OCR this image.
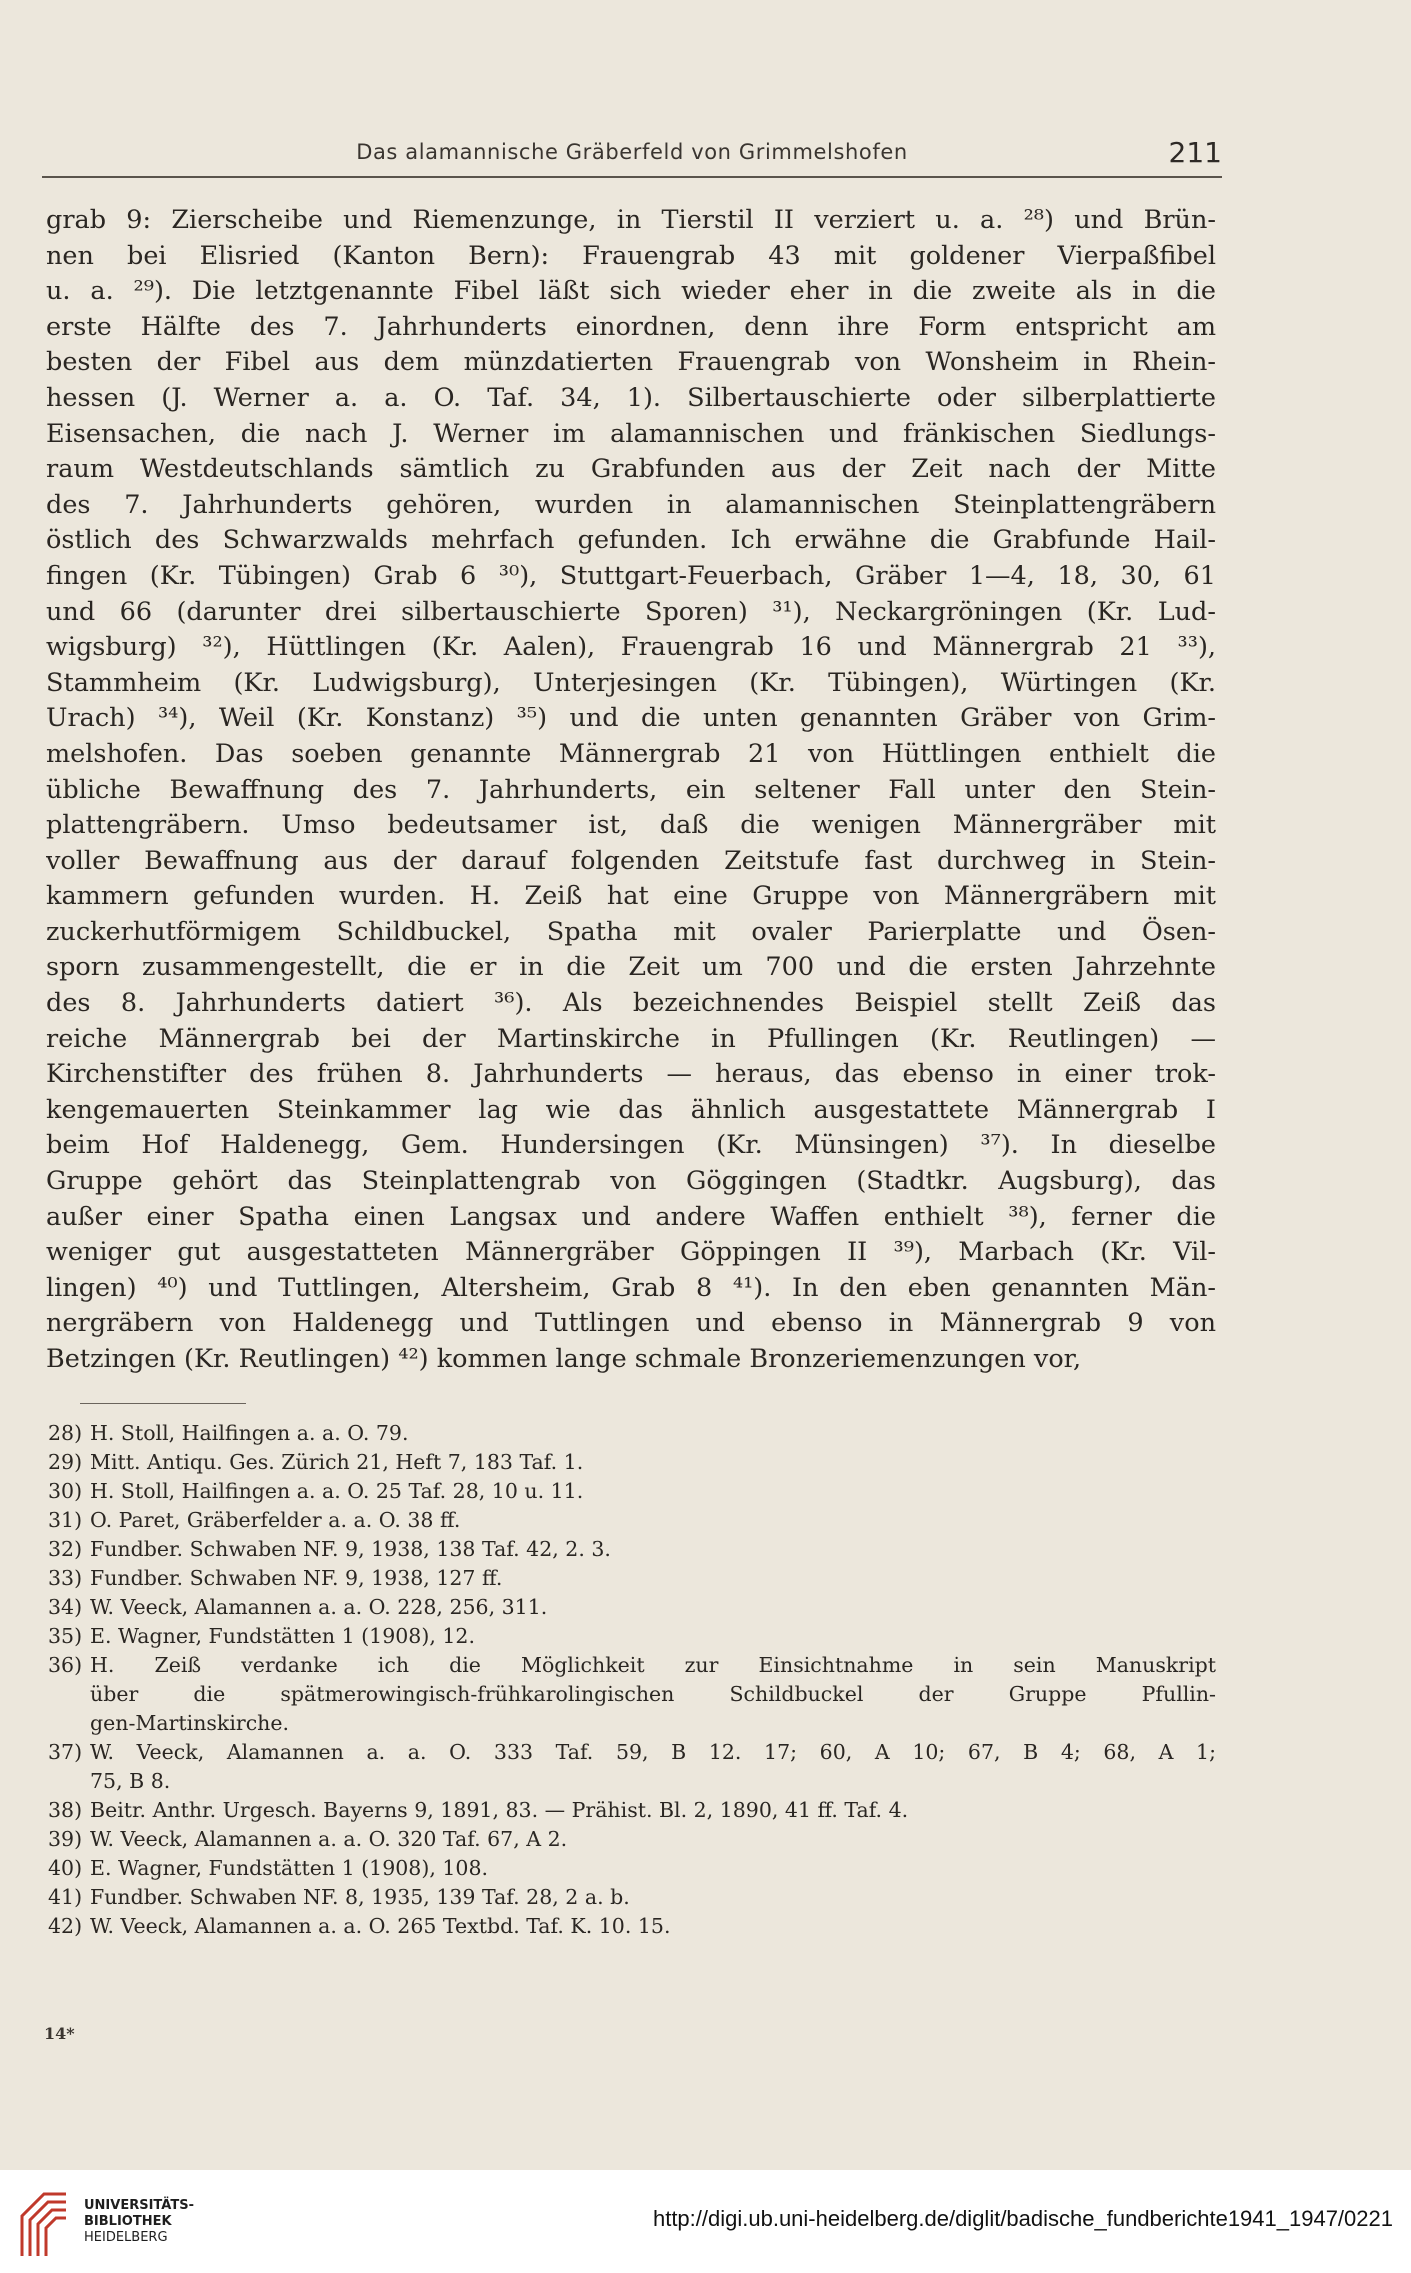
Das alamannische Gräberfeld von Grimmelshofen	211
grab 9: Zierscheibe und Riemenzunge, in Tierstil II verziert u. a. ²⁸) und Brün-
nen bei Elisried (Kanton Bern): Frauengrab 43 mit goldener Vierpaßfibel
u. a. ²⁹). Die letztgenannte Fibel läßt sich wieder eher in die zweite als in die
erste Hälfte des 7. Jahrhunderts einordnen, denn ihre Form entspricht am
besten der Fibel aus dem münzdatierten Frauengrab von Wonsheim in Rhein-
hessen (J. Werner a. a. O. Taf. 34, 1). Silbertauschierte oder silberplattierte
Eisensachen, die nach J. Werner im alamannischen und fränkischen Siedlungs-
raum Westdeutschlands sämtlich zu Grabfunden aus der Zeit nach der Mitte
des 7. Jahrhunderts gehören, wurden in alamannischen Steinplattengräbern
östlich des Schwarzwalds mehrfach gefunden. Ich erwähne die Grabfunde Hail-
fingen (Kr. Tübingen) Grab 6 ³⁰), Stuttgart-Feuerbach, Gräber 1—4, 18, 30, 61
und 66 (darunter drei silbertauschierte Sporen) ³¹), Neckargröningen (Kr. Lud-
wigsburg) ³²), Hüttlingen (Kr. Aalen), Frauengrab 16 und Männergrab 21 ³³),
Stammheim (Kr. Ludwigsburg), Unterjesingen (Kr. Tübingen), Würtingen (Kr.
Urach) ³⁴), Weil (Kr. Konstanz) ³⁵) und die unten genannten Gräber von Grim-
melshofen. Das soeben genannte Männergrab 21 von Hüttlingen enthielt die
übliche Bewaffnung des 7. Jahrhunderts, ein seltener Fall unter den Stein-
plattengräbern. Umso bedeutsamer ist, daß die wenigen Männergräber mit
voller Bewaffnung aus der darauf folgenden Zeitstufe fast durchweg in Stein-
kammern gefunden wurden. H. Zeiß hat eine Gruppe von Männergräbern mit
zuckerhutförmigem Schildbuckel, Spatha mit ovaler Parierplatte und Ösen-
sporn zusammengestellt, die er in die Zeit um 700 und die ersten Jahrzehnte
des 8. Jahrhunderts datiert ³⁶). Als bezeichnendes Beispiel stellt Zeiß das
reiche Männergrab bei der Martinskirche in Pfullingen (Kr. Reutlingen) —
Kirchenstifter des frühen 8. Jahrhunderts — heraus, das ebenso in einer trok-
kengemauerten Steinkammer lag wie das ähnlich ausgestattete Männergrab I
beim Hof Haldenegg, Gem. Hundersingen (Kr. Münsingen) ³⁷). In dieselbe
Gruppe gehört das Steinplattengrab von Göggingen (Stadtkr. Augsburg), das
außer einer Spatha einen Langsax und andere Waffen enthielt ³⁸), ferner die
weniger gut ausgestatteten Männergräber Göppingen II ³⁹), Marbach (Kr. Vil-
lingen) ⁴⁰) und Tuttlingen, Altersheim, Grab 8 ⁴¹). In den eben genannten Män-
nergräbern von Haldenegg und Tuttlingen und ebenso in Männergrab 9 von
Betzingen (Kr. Reutlingen) ⁴²) kommen lange schmale Bronzeriemenzungen vor,
28) H. Stoll, Hailfingen a. a. O. 79.
29) Mitt. Antiqu. Ges. Zürich 21, Heft 7, 183 Taf. 1.
30) H. Stoll, Hailfingen a. a. O. 25 Taf. 28, 10 u. 11.
31) O. Paret, Gräberfelder a. a. O. 38 ff.
32) Fundber. Schwaben NF. 9, 1938, 138 Taf. 42, 2. 3.
33) Fundber. Schwaben NF. 9, 1938, 127 ff.
34) W. Veeck, Alamannen a. a. O. 228, 256, 311.
35) E. Wagner, Fundstätten 1 (1908), 12.
36) H. Zeiß verdanke ich die Möglichkeit zur Einsichtnahme in sein Manuskript
über die spätmerowingisch-frühkarolingischen Schildbuckel der Gruppe Pfullin-
gen-Martinskirche.
37) W. Veeck, Alamannen a. a. O. 333 Taf. 59, B 12. 17; 60, A 10; 67, B 4; 68, A 1;
75, B 8.
38) Beitr. Anthr. Urgesch. Bayerns 9, 1891, 83. — Prähist. Bl. 2, 1890, 41 ff. Taf. 4.
39) W. Veeck, Alamannen a. a. O. 320 Taf. 67, A 2.
40) E. Wagner, Fundstätten 1 (1908), 108.
41) Fundber. Schwaben NF. 8, 1935, 139 Taf. 28, 2 a. b.
42) W. Veeck, Alamannen a. a. O. 265 Textbd. Taf. K. 10. 15.
14*
UNIVERSITÄTS-
BIBLIOTHEK
HEIDELBERG
http://digi.ub.uni-heidelberg.de/diglit/badische_fundberichte1941_1947/0221
